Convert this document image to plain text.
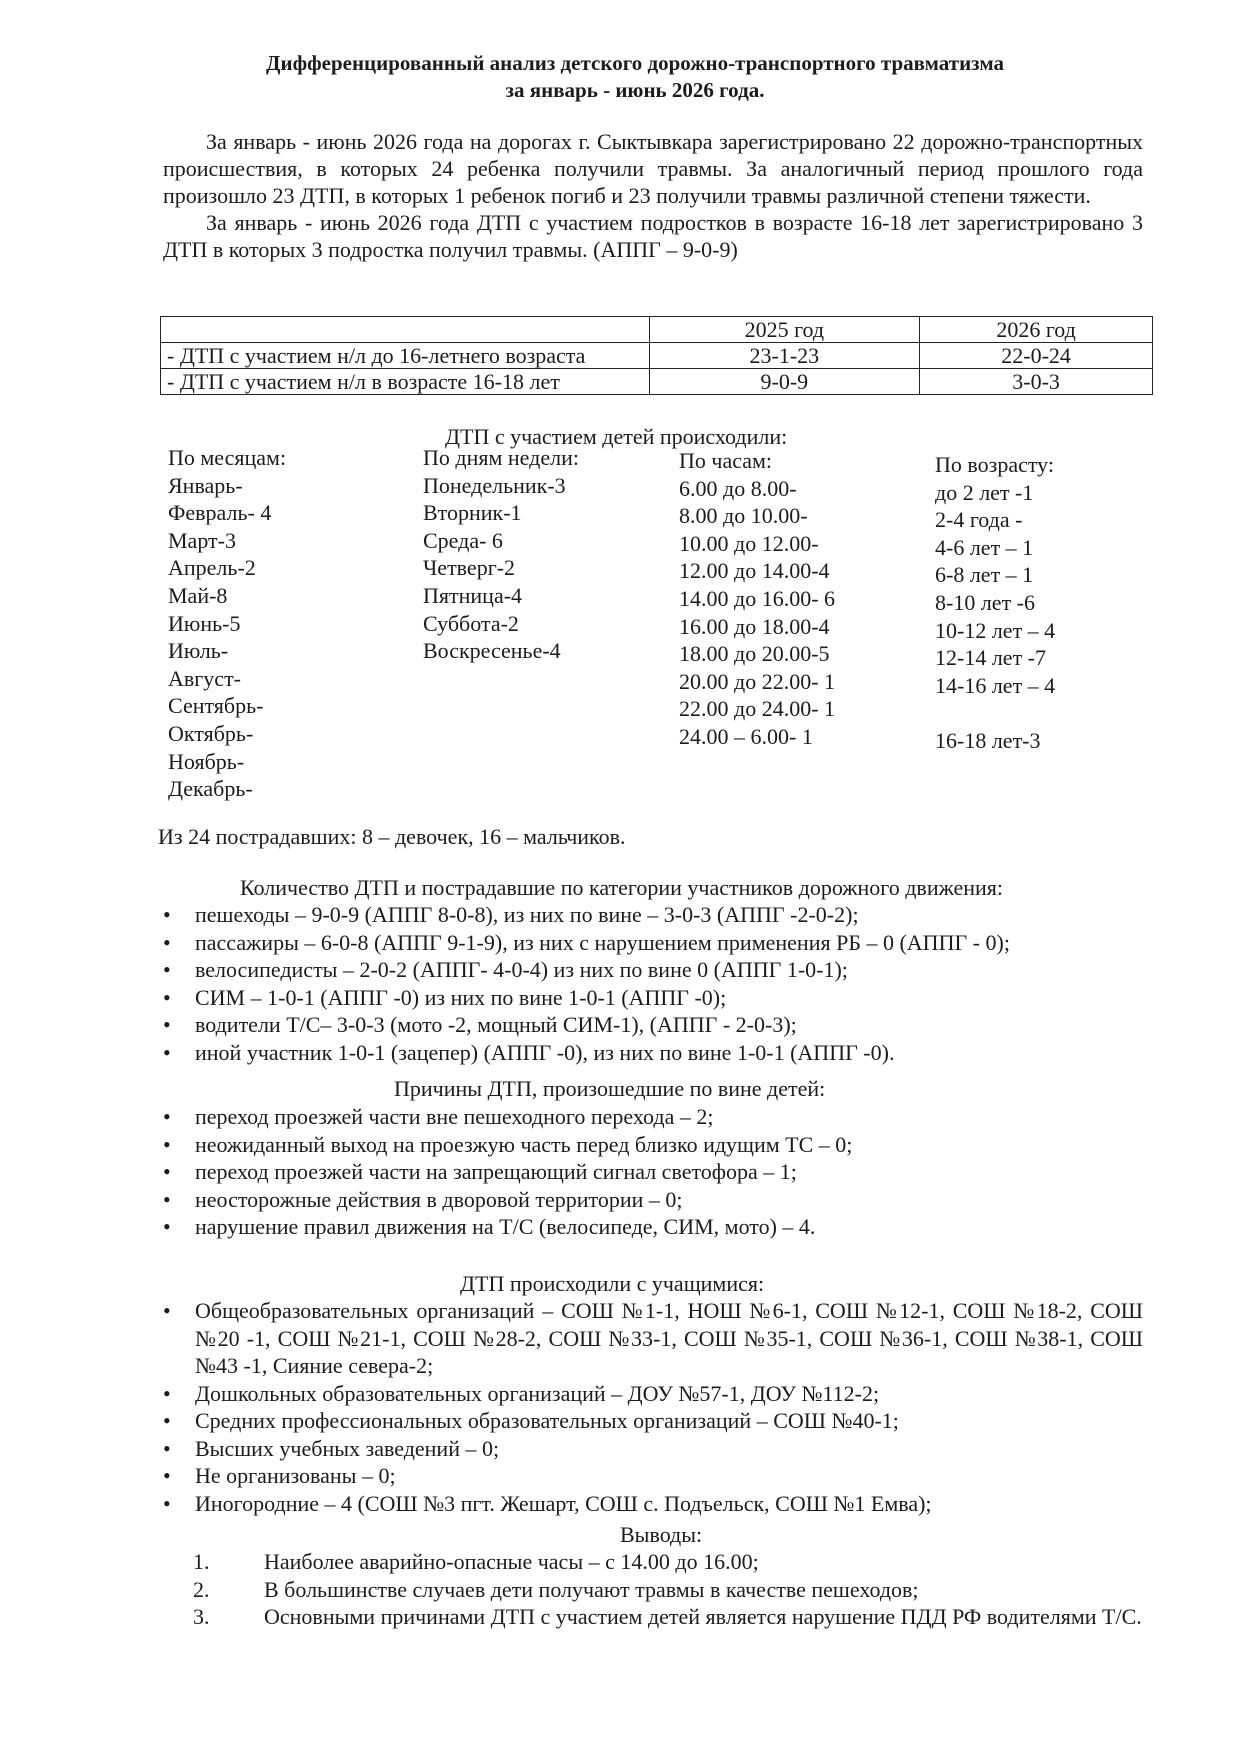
Дифференцированный анализ детского дорожно-транспортного травматизма
за январь - июнь 2026 года.

За январь - июнь 2026 года на дорогах г. Сыктывкара зарегистрировано 22 дорожно-транспортных происшествия, в которых 24 ребенка получили травмы. За аналогичный период прошлого года произошло 23 ДТП, в которых 1 ребенок погиб и 23 получили травмы различной степени тяжести.

За январь - июнь 2026 года ДТП с участием подростков в возрасте 16-18 лет зарегистрировано 3 ДТП в которых 3 подростка получил травмы. (АППГ – 9-0-9)

	2025 год	2026 год
- ДТП с участием н/л до 16-летнего возраста	23-1-23	22-0-24
- ДТП с участием н/л в возрасте 16-18 лет	9-0-9	3-0-3
ДТП с участием детей происходили:
По месяцам:
Январь-
Февраль- 4
Март-3
Апрель-2
Май-8
Июнь-5
Июль-
Август-
Сентябрь-
Октябрь-
Ноябрь-
Декабрь-
По дням недели:
Понедельник-3
Вторник-1
Среда- 6
Четверг-2
Пятница-4
Суббота-2
Воскресенье-4
По часам:
6.00 до 8.00-
8.00 до 10.00-
10.00 до 12.00-
12.00 до 14.00-4
14.00 до 16.00- 6
16.00 до 18.00-4
18.00 до 20.00-5
20.00 до 22.00- 1
22.00 до 24.00- 1
24.00 – 6.00- 1
По возрасту:
до 2 лет -1
2-4 года -
4-6 лет – 1
6-8 лет – 1
8-10 лет -6
10-12 лет – 4
12-14 лет -7
14-16 лет – 4
16-18 лет-3
Из 24 пострадавших: 8 – девочек, 16 – мальчиков.
Количество ДТП и пострадавшие по категории участников дорожного движения:
• пешеходы – 9-0-9 (АППГ 8-0-8), из них по вине – 3-0-3 (АППГ -2-0-2);
• пассажиры – 6-0-8 (АППГ 9-1-9), из них с нарушением применения РБ – 0 (АППГ - 0);
• велосипедисты – 2-0-2 (АППГ- 4-0-4) из них по вине 0 (АППГ 1-0-1);
• СИМ – 1-0-1 (АППГ -0) из них по вине 1-0-1 (АППГ -0);
• водители Т/С– 3-0-3 (мото -2, мощный СИМ-1), (АППГ - 2-0-3);
• иной участник 1-0-1 (зацепер) (АППГ -0), из них по вине 1-0-1 (АППГ -0).
Причины ДТП, произошедшие по вине детей:
• переход проезжей части вне пешеходного перехода – 2;
• неожиданный выход на проезжую часть перед близко идущим ТС – 0;
• переход проезжей части на запрещающий сигнал светофора – 1;
• неосторожные действия в дворовой территории – 0;
• нарушение правил движения на Т/С (велосипеде, СИМ, мото) – 4.
ДТП происходили с учащимися:
• Общеобразовательных организаций – СОШ №1-1, НОШ №6-1, СОШ №12-1, СОШ №18-2, СОШ №20 -1, СОШ №21-1, СОШ №28-2, СОШ №33-1, СОШ №35-1, СОШ №36-1, СОШ №38-1, СОШ №43 -1, Сияние севера-2;
• Дошкольных образовательных организаций – ДОУ №57-1, ДОУ №112-2;
• Средних профессиональных образовательных организаций – СОШ №40-1;
• Высших учебных заведений – 0;
• Не организованы – 0;
• Иногородние – 4 (СОШ №3 пгт. Жешарт, СОШ с. Подъельск, СОШ №1 Емва);
Выводы:
1. Наиболее аварийно-опасные часы – с 14.00 до 16.00;
2. В большинстве случаев дети получают травмы в качестве пешеходов;
3. Основными причинами ДТП с участием детей является нарушение ПДД РФ водителями Т/С.
